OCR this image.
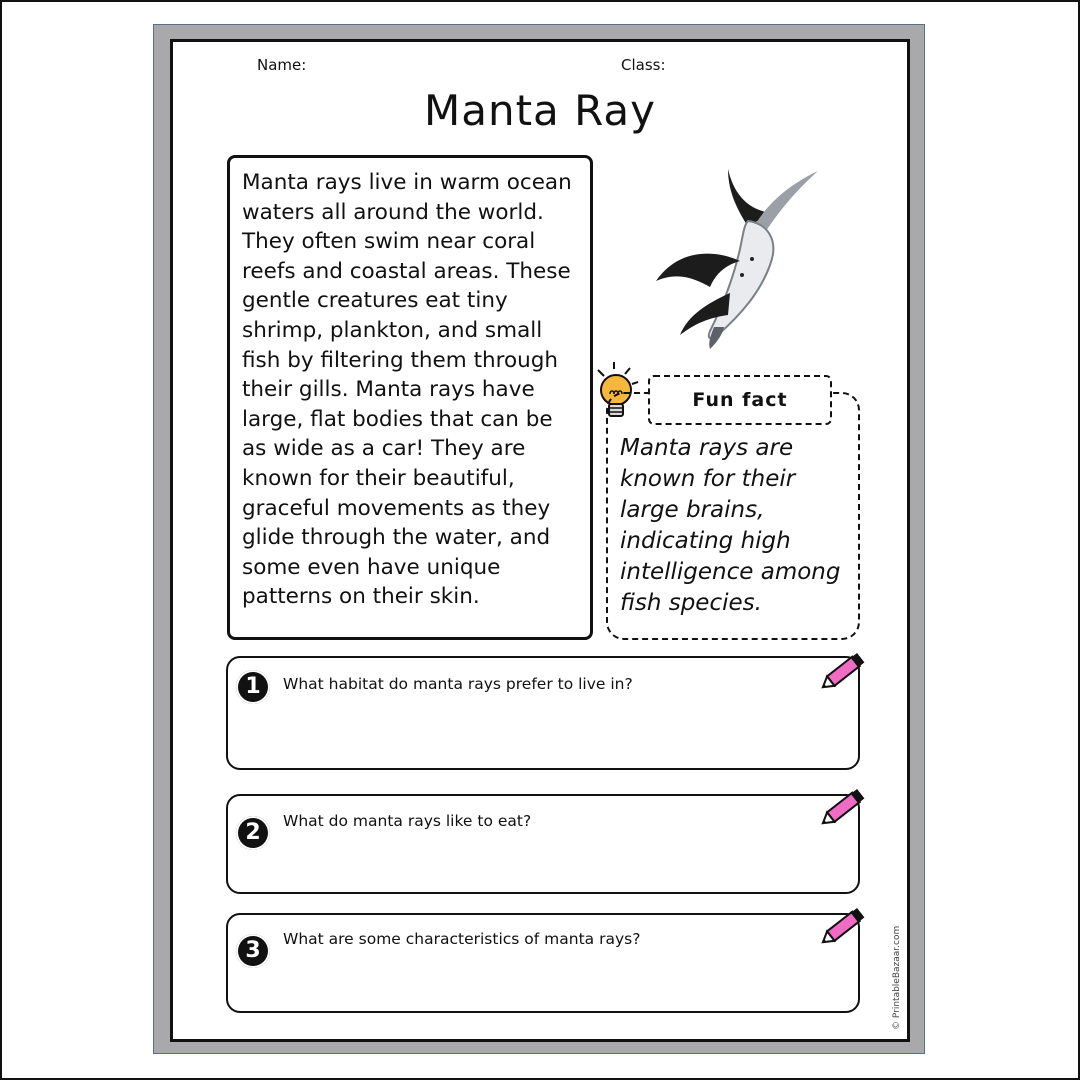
Name:	Class:
Manta Ray

Manta rays live in warm ocean waters all around the world. They often swim near coral reefs and coastal areas. These gentle creatures eat tiny shrimp, plankton, and small fish by filtering them through their gills. Manta rays have large, flat bodies that can be as wide as a car! They are known for their beautiful, graceful movements as they glide through the water, and some even have unique patterns on their skin.

Fun fact

Manta rays are known for their large brains, indicating high intelligence among fish species.

1	What habitat do manta rays prefer to live in?
2	What do manta rays like to eat?
3	What are some characteristics of manta rays?	© PrintableBazaar.com
